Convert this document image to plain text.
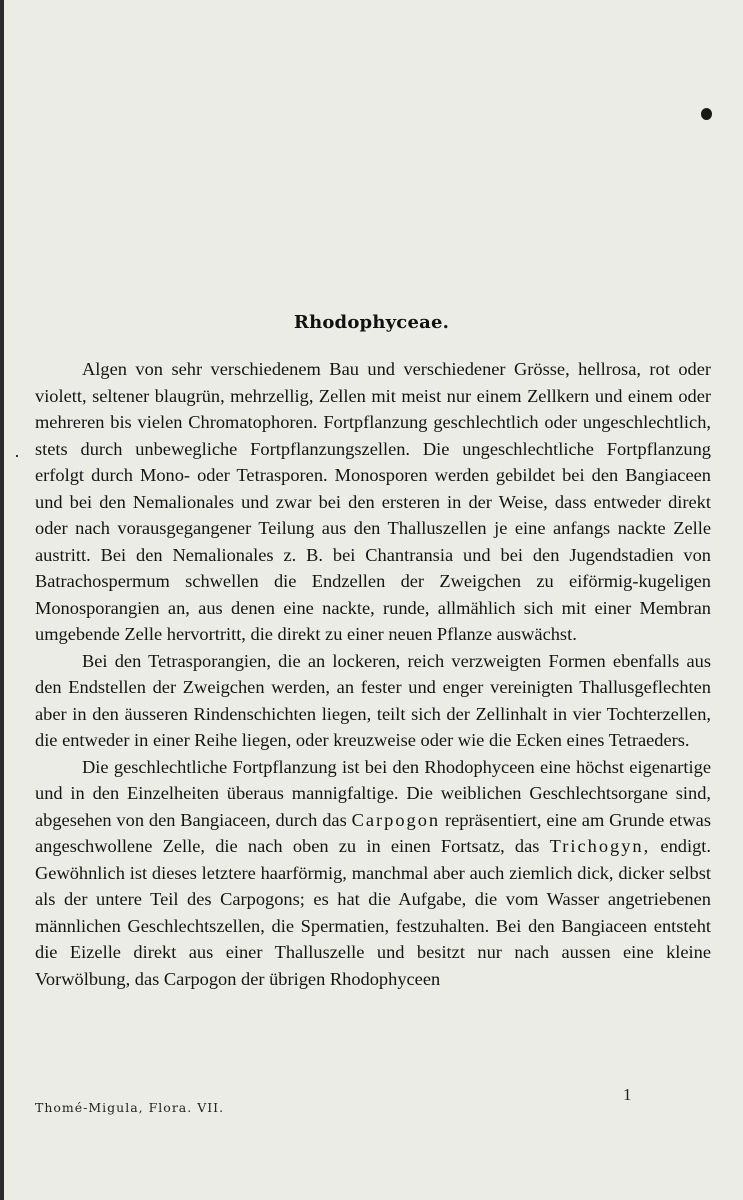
Rhodophyceae.

Algen von sehr verschiedenem Bau und verschiedener Grösse, hellrosa, rot oder violett, seltener blaugrün, mehrzellig, Zellen mit meist nur einem Zellkern und einem oder mehreren bis vielen Chromatophoren. Fortpflanzung geschlechtlich oder ungeschlechtlich, stets durch unbewegliche Fortpflanzungszellen. Die ungeschlechtliche Fortpflanzung erfolgt durch Mono- oder Tetrasporen. Monosporen werden gebildet bei den Bangiaceen und bei den Nemalionales und zwar bei den ersteren in der Weise, dass entweder direkt oder nach vorausgegangener Teilung aus den Thalluszellen je eine anfangs nackte Zelle austritt. Bei den Nemalionales z. B. bei Chantransia und bei den Jugendstadien von Batrachospermum schwellen die Endzellen der Zweigchen zu eiförmig-kugeligen Monosporangien an, aus denen eine nackte, runde, allmählich sich mit einer Membran umgebende Zelle hervortritt, die direkt zu einer neuen Pflanze auswächst.

Bei den Tetrasporangien, die an lockeren, reich verzweigten Formen ebenfalls aus den Endstellen der Zweigchen werden, an fester und enger vereinigten Thallusgeflechten aber in den äusseren Rindenschichten liegen, teilt sich der Zellinhalt in vier Tochterzellen, die entweder in einer Reihe liegen, oder kreuzweise oder wie die Ecken eines Tetraeders.

Die geschlechtliche Fortpflanzung ist bei den Rhodophyceen eine höchst eigenartige und in den Einzelheiten überaus mannigfaltige. Die weiblichen Geschlechtsorgane sind, abgesehen von den Bangiaceen, durch das Carpogon repräsentiert, eine am Grunde etwas angeschwollene Zelle, die nach oben zu in einen Fortsatz, das Trichogyn, endigt. Gewöhnlich ist dieses letztere haarförmig, manchmal aber auch ziemlich dick, dicker selbst als der untere Teil des Carpogons; es hat die Aufgabe, die vom Wasser angetriebenen männlichen Geschlechtszellen, die Spermatien, festzuhalten. Bei den Bangiaceen entsteht die Eizelle direkt aus einer Thalluszelle und besitzt nur nach aussen eine kleine Vorwölbung, das Carpogon der übrigen Rhodophyceen

Thomé-Migula, Flora. VII.
1
